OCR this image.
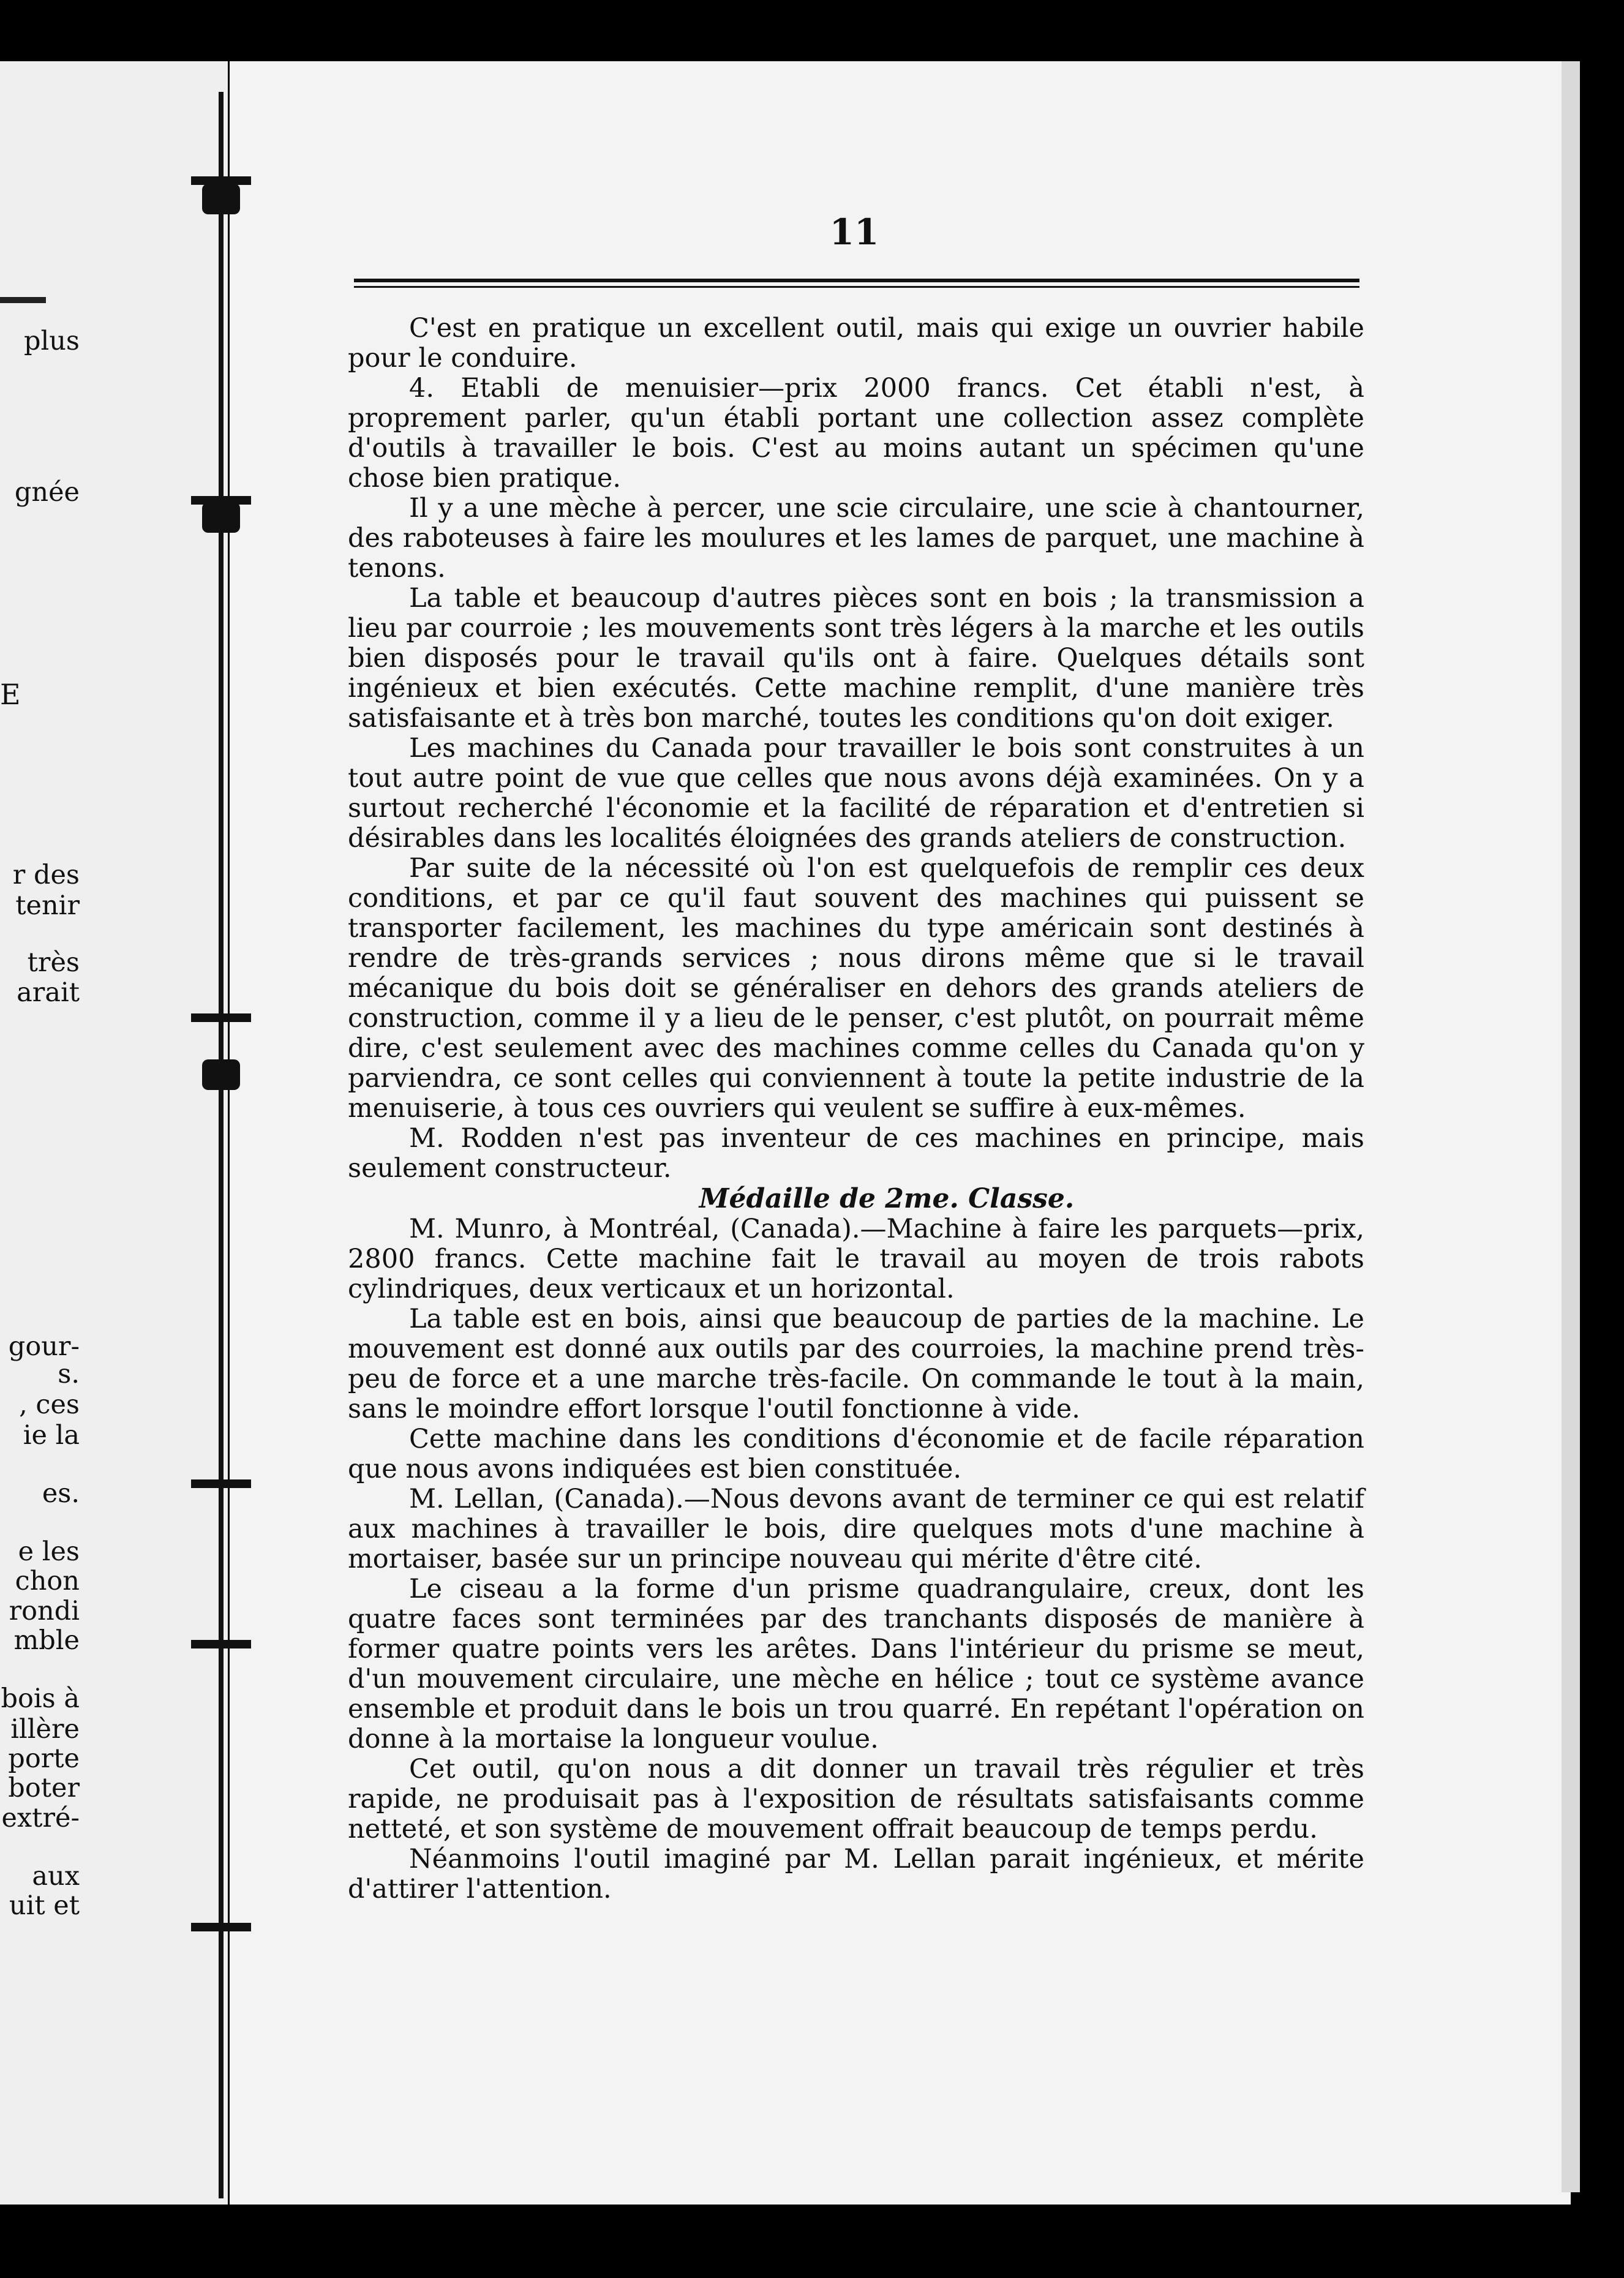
plus
gnée
E
r des
tenir
très
arait
gour-
s.
, ces
ie la
es.
e les
chon
rondi
mble
bois à
illère
porte
boter
extré-
aux
uit et
11

C'est en pratique un excellent outil, mais qui exige un ouvrier habile pour le conduire.

4. Etabli de menuisier—prix 2000 francs. Cet établi n'est, à proprement parler, qu'un établi portant une collection assez complète d'outils à travailler le bois. C'est au moins autant un spécimen qu'une chose bien pratique.

Il y a une mèche à percer, une scie circulaire, une scie à chantourner, des raboteuses à faire les moulures et les lames de parquet, une machine à tenons.

La table et beaucoup d'autres pièces sont en bois ; la transmission a lieu par courroie ; les mouvements sont très légers à la marche et les outils bien disposés pour le travail qu'ils ont à faire. Quelques détails sont ingénieux et bien exécutés. Cette machine remplit, d'une manière très satisfaisante et à très bon marché, toutes les conditions qu'on doit exiger.

Les machines du Canada pour travailler le bois sont construites à un tout autre point de vue que celles que nous avons déjà examinées. On y a surtout recherché l'économie et la facilité de réparation et d'entretien si désirables dans les localités éloignées des grands ateliers de construction.

Par suite de la nécessité où l'on est quelquefois de remplir ces deux conditions, et par ce qu'il faut souvent des machines qui puissent se transporter facilement, les machines du type américain sont destinés à rendre de très-grands services ; nous dirons même que si le travail mécanique du bois doit se généraliser en dehors des grands ateliers de construction, comme il y a lieu de le penser, c'est plutôt, on pourrait même dire, c'est seulement avec des machines comme celles du Canada qu'on y parviendra, ce sont celles qui conviennent à toute la petite industrie de la menuiserie, à tous ces ouvriers qui veulent se suffire à eux-mêmes.

M. Rodden n'est pas inventeur de ces machines en principe, mais seulement constructeur.

Médaille de 2me. Classe.

M. Munro, à Montréal, (Canada).—Machine à faire les parquets—prix, 2800 francs. Cette machine fait le travail au moyen de trois rabots cylindriques, deux verticaux et un horizontal.

La table est en bois, ainsi que beaucoup de parties de la machine. Le mouvement est donné aux outils par des courroies, la machine prend très-peu de force et a une marche très-facile. On commande le tout à la main, sans le moindre effort lorsque l'outil fonctionne à vide.

Cette machine dans les conditions d'économie et de facile réparation que nous avons indiquées est bien constituée.

M. Lellan, (Canada).—Nous devons avant de terminer ce qui est relatif aux machines à travailler le bois, dire quelques mots d'une machine à mortaiser, basée sur un principe nouveau qui mérite d'être cité.

Le ciseau a la forme d'un prisme quadrangulaire, creux, dont les quatre faces sont terminées par des tranchants disposés de manière à former quatre points vers les arêtes. Dans l'intérieur du prisme se meut, d'un mouvement circulaire, une mèche en hélice ; tout ce système avance ensemble et produit dans le bois un trou quarré. En repétant l'opération on donne à la mortaise la longueur voulue.

Cet outil, qu'on nous a dit donner un travail très régulier et très rapide, ne produisait pas à l'exposition de résultats satisfaisants comme netteté, et son système de mouvement offrait beaucoup de temps perdu.

Néanmoins l'outil imaginé par M. Lellan parait ingénieux, et mérite d'attirer l'attention.
